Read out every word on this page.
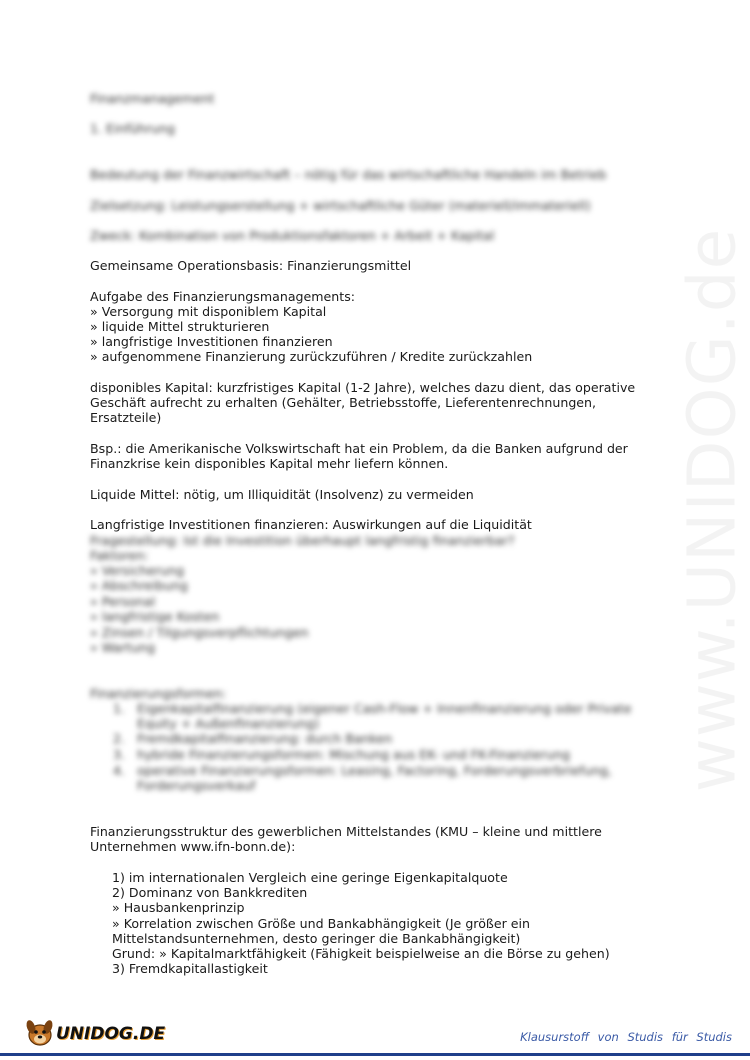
Finanzmanagement
1. Einführung
Bedeutung der Finanzwirtschaft – nötig für das wirtschaftliche Handeln im Betrieb
Zielsetzung: Leistungserstellung + wirtschaftliche Güter (materiell/immateriell)
Zweck: Kombination von Produktionsfaktoren + Arbeit + Kapital
Gemeinsame Operationsbasis: Finanzierungsmittel
Aufgabe des Finanzierungsmanagements:
» Versorgung mit disponiblem Kapital
» liquide Mittel strukturieren
» langfristige Investitionen finanzieren
» aufgenommene Finanzierung zurückzuführen / Kredite zurückzahlen
disponibles Kapital: kurzfristiges Kapital (1-2 Jahre), welches dazu dient, das operative
Geschäft aufrecht zu erhalten (Gehälter, Betriebsstoffe, Lieferentenrechnungen,
Ersatzteile)
Bsp.: die Amerikanische Volkswirtschaft hat ein Problem, da die Banken aufgrund der
Finanzkrise kein disponibles Kapital mehr liefern können.
Liquide Mittel: nötig, um Illiquidität (Insolvenz) zu vermeiden
Langfristige Investitionen finanzieren: Auswirkungen auf die Liquidität
Fragestellung: Ist die Investition überhaupt langfristig finanzierbar?
Faktoren:
» Versicherung
» Abschreibung
» Personal
» langfristige Kosten
» Zinsen / Tilgungsverpflichtungen
» Wartung
Finanzierungsformen:
1. Eigenkapitalfinanzierung (eigener Cash-Flow + Innenfinanzierung oder Private
Equity + Außenfinanzierung)
2. Fremdkapitalfinanzierung: durch Banken
3. hybride Finanzierungsformen: Mischung aus EK- und FK-Finanzierung
4. operative Finanzierungsformen: Leasing, Factoring, Forderungsverbriefung,
Forderungsverkauf
Finanzierungsstruktur des gewerblichen Mittelstandes (KMU – kleine und mittlere
Unternehmen www.ifn-bonn.de):
1) im internationalen Vergleich eine geringe Eigenkapitalquote
2) Dominanz von Bankkrediten
» Hausbankenprinzip
» Korrelation zwischen Größe und Bankabhängigkeit (Je größer ein
Mittelstandsunternehmen, desto geringer die Bankabhängigkeit)
Grund: » Kapitalmarktfähigkeit (Fähigkeit beispielweise an die Börse zu gehen)
3) Fremdkapitallastigkeit
UNIDOG.DE	Klausurstoff von Studis für Studis
